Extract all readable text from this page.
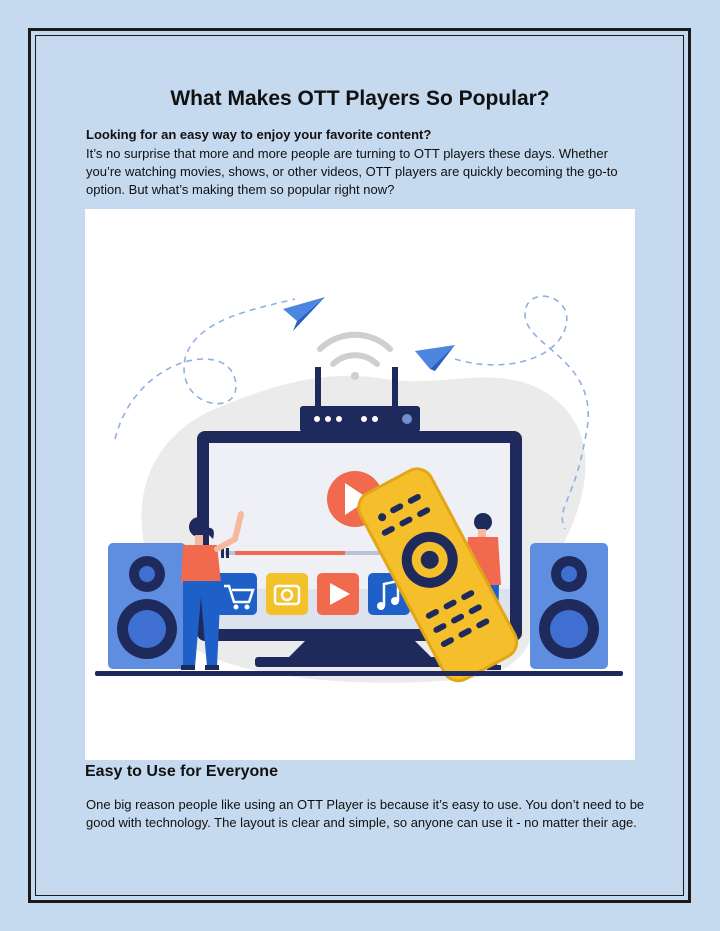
What Makes OTT Players So Popular?

Looking for an easy way to enjoy your favorite content?

It’s no surprise that more and more people are turning to OTT players these days. Whether you’re watching movies, shows, or other videos, OTT players are quickly becoming the go-to option. But what’s making them so popular right now?

Easy to Use for Everyone

One big reason people like using an OTT Player is because it’s easy to use. You don’t need to be good with technology. The layout is clear and simple, so anyone can use it - no matter their age.
